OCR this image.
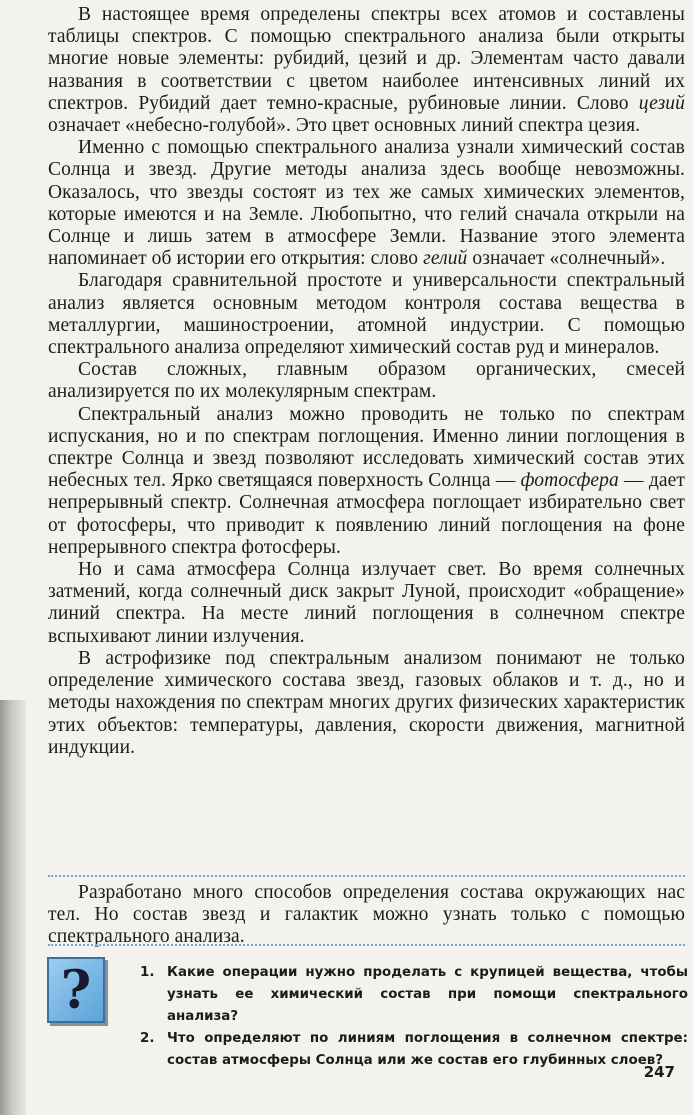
В настоящее время определены спектры всех атомов и составлены таблицы спектров. С помощью спектрального анализа были открыты многие новые элементы: рубидий, цезий и др. Элементам часто давали названия в соответствии с цветом наиболее интенсивных линий их спектров. Рубидий дает темно-красные, рубиновые линии. Слово цезий означает «небесно-голубой». Это цвет основных линий спектра цезия.

Именно с помощью спектрального анализа узнали химический состав Солнца и звезд. Другие методы анализа здесь вообще невозможны. Оказалось, что звезды состоят из тех же самых химических элементов, которые имеются и на Земле. Любопытно, что гелий сначала открыли на Солнце и лишь затем в атмосфере Земли. Название этого элемента напоминает об истории его открытия: слово гелий означает «солнечный».

Благодаря сравнительной простоте и универсальности спектральный анализ является основным методом контроля состава вещества в металлургии, машиностроении, атомной индустрии. С помощью спектрального анализа определяют химический состав руд и минералов.

Состав сложных, главным образом органических, смесей анализируется по их молекулярным спектрам.

Спектральный анализ можно проводить не только по спектрам испускания, но и по спектрам поглощения. Именно линии поглощения в спектре Солнца и звезд позволяют исследовать химический состав этих небесных тел. Ярко светящаяся поверхность Солнца — фотосфера — дает непрерывный спектр. Солнечная атмосфера поглощает избирательно свет от фотосферы, что приводит к появлению линий поглощения на фоне непрерывного спектра фотосферы.

Но и сама атмосфера Солнца излучает свет. Во время солнечных затмений, когда солнечный диск закрыт Луной, происходит «обращение» линий спектра. На месте линий поглощения в солнечном спектре вспыхивают линии излучения.

В астрофизике под спектральным анализом понимают не только определение химического состава звезд, газовых облаков и т. д., но и методы нахождения по спектрам многих других физических характеристик этих объектов: температуры, давления, скорости движения, магнитной индукции.

Разработано много способов определения состава окружающих нас тел. Но состав звезд и галактик можно узнать только с помощью спектрального анализа.

?	1. Какие операции нужно проделать с крупицей вещества, чтобы узнать ее химический состав при помощи спектрального анализа?
2. Что определяют по линиям поглощения в солнечном спектре: состав атмосферы Солнца или же состав его глубинных слоев?
247
